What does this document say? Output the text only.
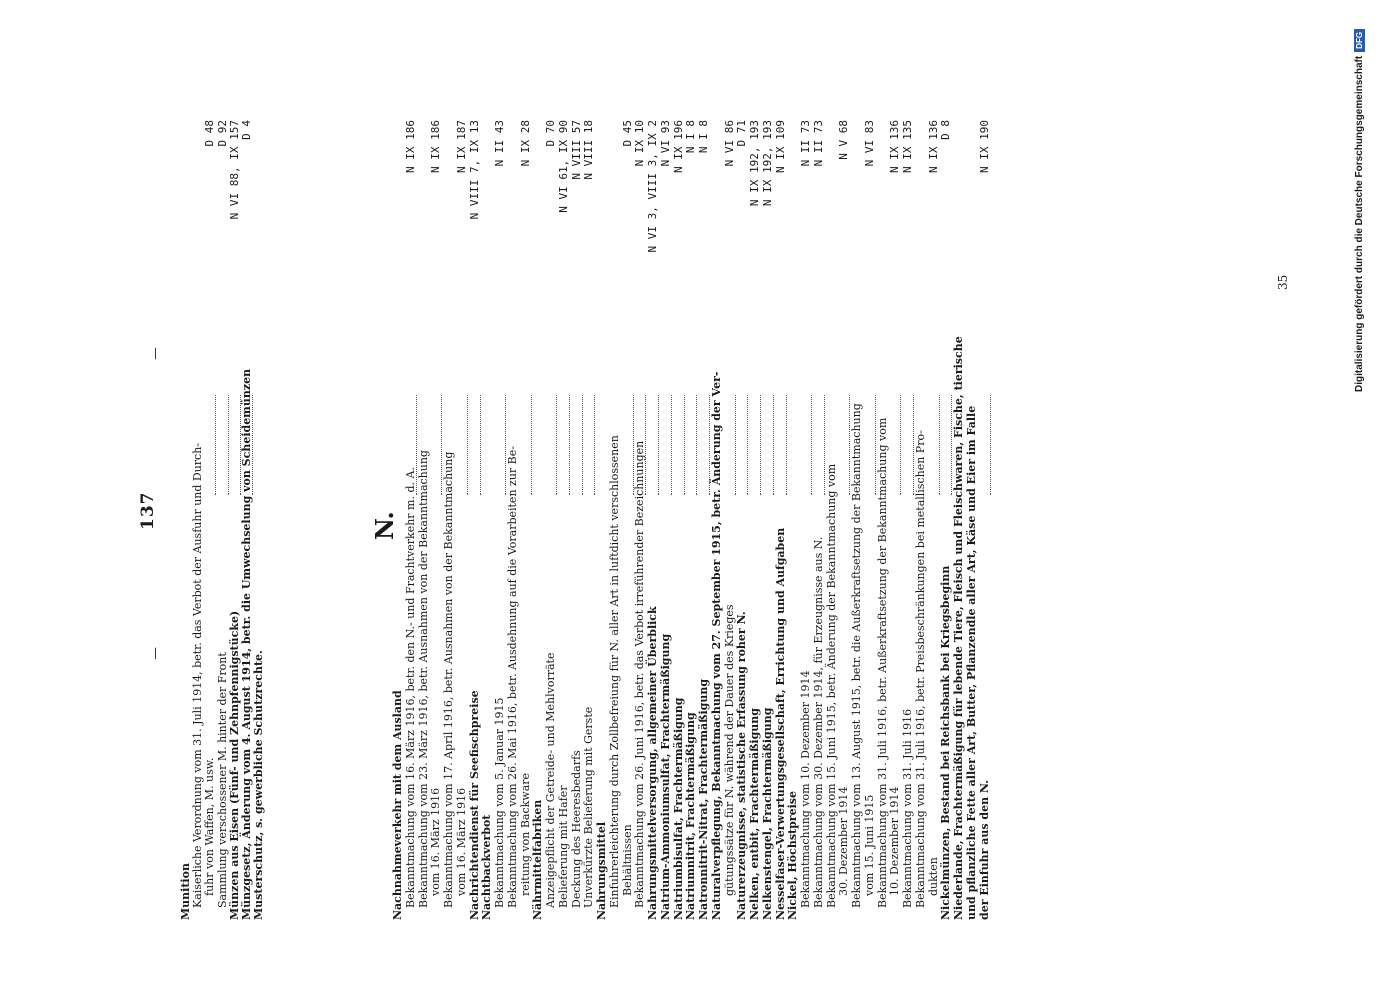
—
137
—
N.
Munition Kaiserliche Verordnung vom 31. Juli 1914, betr. das Verbot der Ausfuhr und Durch- fuhr von Waffen, M. usw.
D 48
Sammlung verschossener M. hinter der Front
D 92
Münzen aus Eisen (Fünf- und Zehnpfennigstücke)
N VI 88, IX 157
Münzgesetz, Änderung vom 4. August 1914, betr. die Umwechselung von Scheidemünzen
D 4
Musterschutz, s. gewerbliche Schutzrechte.	Nachnahmeverkehr mit dem Ausland Bekanntmachung vom 16. März 1916, betr. den N.- und Frachtverkehr m. d. A.
N IX 186
Bekanntmachung vom 23. März 1916, betr. Ausnahmen von der Bekanntmachung vom 16. März 1916
N IX 186
Bekanntmachung vom 17. April 1916, betr. Ausnahmen von der Bekanntmachung vom 16. März 1916
N IX 187
Nachrichtendienst für Seefischpreise
N VIII 7, IX 13
Nachtbackverbot Bekanntmachung vom 5. Januar 1915
N II 43
Bekanntmachung vom 26. Mai 1916, betr. Ausdehnung auf die Vorarbeiten zur Be- reitung von Backware
N IX 28
Nährmittelfabriken Anzeigepflicht der Getreide- und Mehlvorräte
D 70
Belieferung mit Hafer
N VI 61, IX 90
Deckung des Heeresbedarfs
N VIII 57
Unverkürzte Belieferung mit Gerste
N VIII 18
Nahrungsmittel Einfuhrerleichterung durch Zollbefreiung für N. aller Art in luftdicht verschlossenen Behältnissen
D 45
Bekanntmachung vom 26. Juni 1916, betr. das Verbot irreführender Bezeichnungen
N IX 10
Nahrungsmittelversorgung, allgemeiner Überblick
N VI 3, VIII 3, IX 2
Natrium-Ammoniumsulfat, Frachtermäßigung
N VI 93
Natriumbisulfat, Frachtermäßigung
N IX 196
Natriumnitrit, Frachtermäßigung
N I 8
Natronnitrit-Nitrat, Frachtermäßigung
N I 8
Naturalverpflegung, Bekanntmachung vom 27. September 1915, betr. Änderung der Ver- gütungssätze für N. während der Dauer des Krieges
N VI 86
Naturerzeugnisse, statistische Erfassung roher N.
D 71
Nelken, entbit, Frachtermäßigung
N IX 192, 193
Nelkenstengel, Frachtermäßigung
N IX 192, 193
Nesselfaser-Verwertungsgesellschaft, Errichtung und Aufgaben
N IX 109
Nickel, Höchstpreise Bekanntmachung vom 10. Dezember 1914
N II 73
Bekanntmachung vom 30. Dezember 1914, für Erzeugnisse aus N.
N II 73
Bekanntmachung vom 15. Juni 1915, betr. Änderung der Bekanntmachung vom 30. Dezember 1914
N V 68
Bekanntmachung vom 13. August 1915, betr. die Außerkraftsetzung der Bekanntmachung vom 15. Juni 1915
N VI 83
Bekanntmachung vom 31. Juli 1916, betr. Außerkraftsetzung der Bekanntmachung vom 10. Dezember 1914
N IX 136
Bekanntmachung vom 31. Juli 1916
N IX 135
Bekanntmachung vom 31. Juli 1916, betr. Preisbeschränkungen bei metallischen Pro- dukten
N IX 136
Nickelmünzen, Bestand bei Reichsbank bei Kriegsbeginn
D 8
Niederlande, Frachtermäßigung für lebende Tiere, Fleisch und Fleischwaren, Fische, tierische und pflanzliche Fette aller Art, Butter, Pflanzendle aller Art, Käse und Eier im Falle der Einfuhr aus den N.
N IX 190
35	Digitalisierung gefördert durch die Deutsche Forschungsgemeinschaft
DFG
